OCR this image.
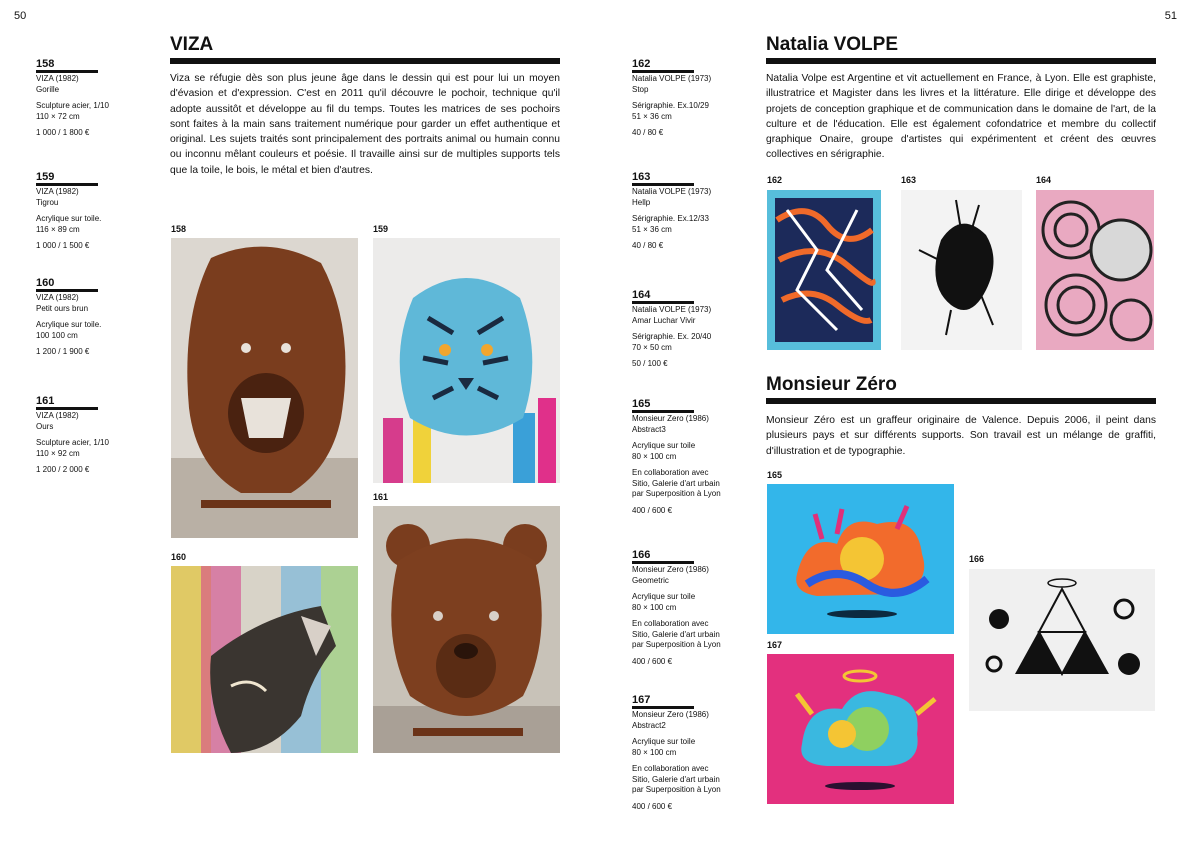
50	51
158
VIZA (1982)
Gorille
Sculpture acier, 1/10
110 × 72 cm
1 000 / 1 800 €
159
VIZA (1982)
Tigrou
Acrylique sur toile.
116 × 89 cm
1 000 / 1 500 €
160
VIZA (1982)
Petit ours brun
Acrylique sur toile.
100 100 cm
1 200 / 1 900 €
161
VIZA (1982)
Ours
Sculpture acier, 1/10
110 × 92 cm
1 200 / 2 000 €
VIZA
Viza se réfugie dès son plus jeune âge dans le dessin qui est pour lui un moyen d'évasion et d'expression. C'est en 2011 qu'il découvre le pochoir, technique qu'il adopte aussitôt et développe au fil du temps. Toutes les matrices de ses pochoirs sont faites à la main sans traitement numérique pour garder un effet authentique et original. Les sujets traités sont principalement des portraits animal ou humain connu ou inconnu mêlant couleurs et poésie. Il travaille ainsi sur de multiples supports tels que la toile, le bois, le métal et bien d'autres.
158	159
160
161
162
Natalia VOLPE (1973)
Stop
Sérigraphie. Ex.10/29
51 × 36 cm
40 / 80 €
163
Natalia VOLPE (1973)
Hellp
Sérigraphie. Ex.12/33
51 × 36 cm
40 / 80 €
164
Natalia VOLPE (1973)
Amar Luchar Vivir
Sérigraphie. Ex. 20/40
70 × 50 cm
50 / 100 €
165
Monsieur Zero (1986)
Abstract3
Acrylique sur toile
80 × 100 cm
En collaboration avec Sitio, Galerie d'art urbain par Superposition à Lyon
400 / 600 €
166
Monsieur Zero (1986)
Geometric
Acrylique sur toile
80 × 100 cm
En collaboration avec Sitio, Galerie d'art urbain par Superposition à Lyon
400 / 600 €
167
Monsieur Zero (1986)
Abstract2
Acrylique sur toile
80 × 100 cm
En collaboration avec Sitio, Galerie d'art urbain par Superposition à Lyon
400 / 600 €
Natalia VOLPE
Natalia Volpe est Argentine et vit actuellement en France, à Lyon. Elle est graphiste, illustratrice et Magister dans les livres et la littérature. Elle dirige et développe des projets de conception graphique et de communication dans le domaine de l'art, de la culture et de l'éducation. Elle est également cofondatrice et membre du collectif graphique Onaire, groupe d'artistes qui expérimentent et créent des œuvres collectives en sérigraphie.
162	163	164
Monsieur Zéro
Monsieur Zéro est un graffeur originaire de Valence. Depuis 2006, il peint dans plusieurs pays et sur différents supports. Son travail est un mélange de graffiti, d'illustration et de typographie.
165
166
167
